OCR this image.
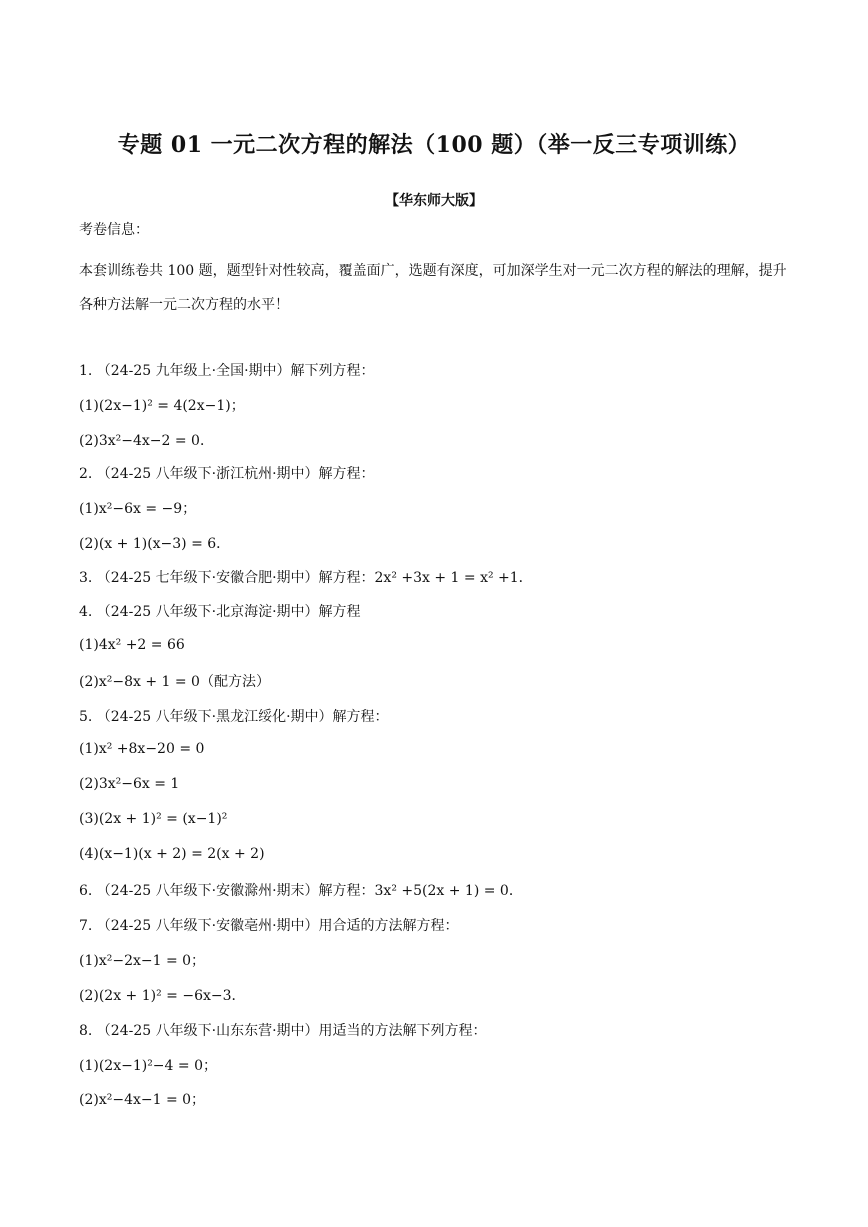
专题 01 一元二次方程的解法（100 题）（举一反三专项训练）
【华东师大版】
考卷信息：
本套训练卷共 100 题，题型针对性较高，覆盖面广，选题有深度，可加深学生对一元二次方程的解法的理解，提升各种方法解一元二次方程的水平！
1. （24-25 九年级上·全国·期中）解下列方程：
(1)(2x−1)² = 4(2x−1)；
(2)3x²−4x−2 = 0．
2. （24-25 八年级下·浙江杭州·期中）解方程：
(1)x²−6x = −9；
(2)(x + 1)(x−3) = 6．
3. （24-25 七年级下·安徽合肥·期中）解方程：2x² +3x + 1 = x² +1．
4. （24-25 八年级下·北京海淀·期中）解方程
(1)4x² +2 = 66
(2)x²−8x + 1 = 0（配方法）
5. （24-25 八年级下·黑龙江绥化·期中）解方程：
(1)x² +8x−20 = 0
(2)3x²−6x = 1
(3)(2x + 1)² = (x−1)²
(4)(x−1)(x + 2) = 2(x + 2)
6. （24-25 八年级下·安徽滁州·期末）解方程：3x² +5(2x + 1) = 0．
7. （24-25 八年级下·安徽亳州·期中）用合适的方法解方程：
(1)x²−2x−1 = 0；
(2)(2x + 1)² = −6x−3．
8. （24-25 八年级下·山东东营·期中）用适当的方法解下列方程：
(1)(2x−1)²−4 = 0；
(2)x²−4x−1 = 0；
